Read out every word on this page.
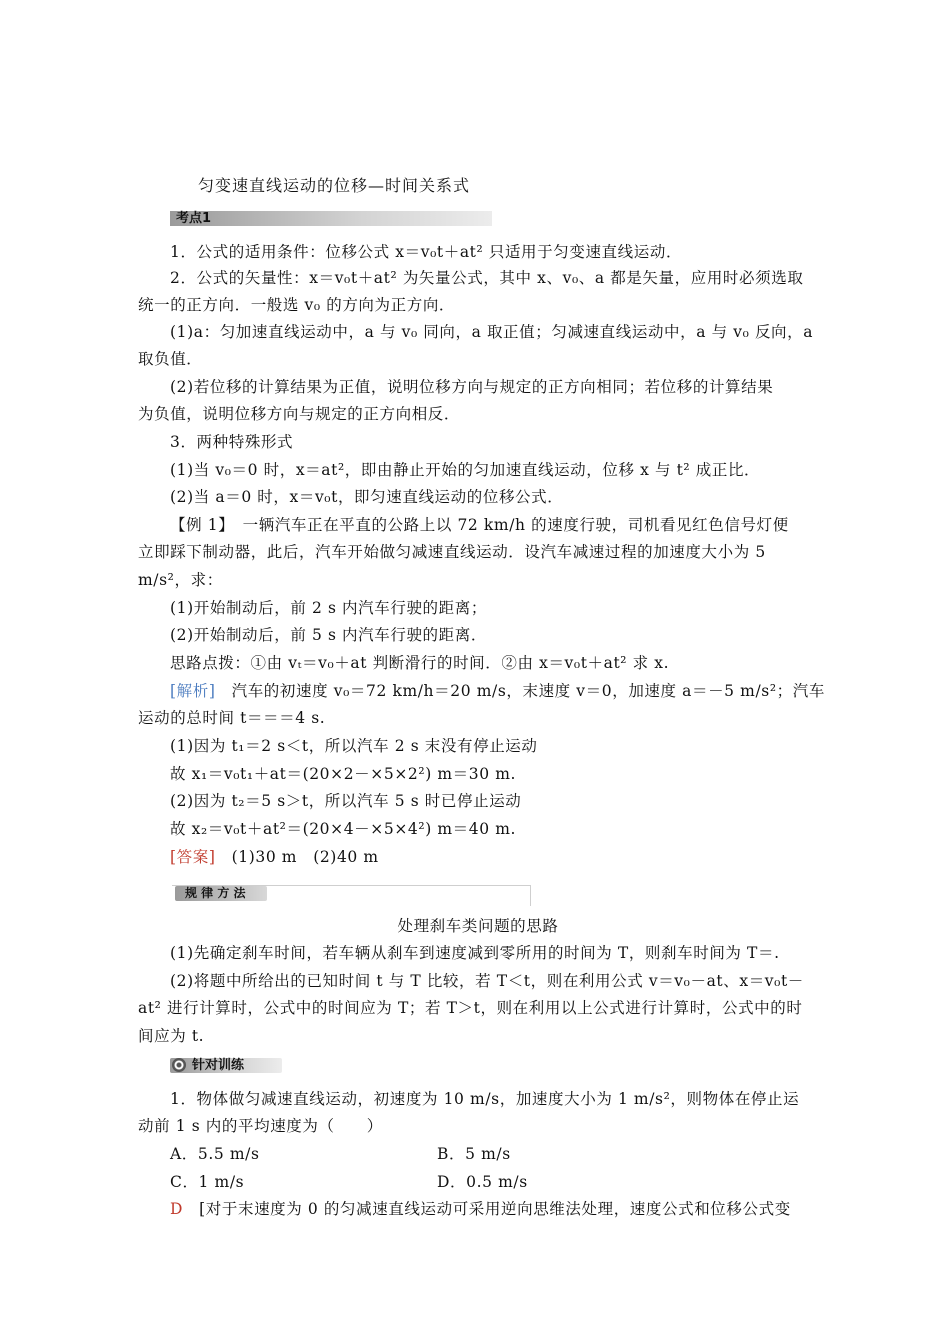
匀变速直线运动的位移—时间关系式
考点1
1．公式的适用条件：位移公式 x＝v₀t＋at² 只适用于匀变速直线运动．
2．公式的矢量性：x＝v₀t＋at² 为矢量公式，其中 x、v₀、a 都是矢量，应用时必须选取
统一的正方向．一般选 v₀ 的方向为正方向．
(1)a：匀加速直线运动中，a 与 v₀ 同向，a 取正值；匀减速直线运动中，a 与 v₀ 反向，a
取负值．
(2)若位移的计算结果为正值，说明位移方向与规定的正方向相同；若位移的计算结果
为负值，说明位移方向与规定的正方向相反．
3．两种特殊形式
(1)当 v₀＝0 时，x＝at²，即由静止开始的匀加速直线运动，位移 x 与 t² 成正比．
(2)当 a＝0 时，x＝v₀t，即匀速直线运动的位移公式．
【例 1】　一辆汽车正在平直的公路上以 72 km/h 的速度行驶，司机看见红色信号灯便
立即踩下制动器，此后，汽车开始做匀减速直线运动．设汽车减速过程的加速度大小为 5
m/s²，求：
(1)开始制动后，前 2 s 内汽车行驶的距离；
(2)开始制动后，前 5 s 内汽车行驶的距离．
思路点拨：①由 vₜ＝v₀＋at 判断滑行的时间．②由 x＝v₀t＋at² 求 x.
[解析]　汽车的初速度 v₀＝72 km/h＝20 m/s，末速度 v＝0，加速度 a＝－5 m/s²；汽车
运动的总时间 t＝＝＝4 s.
(1)因为 t₁＝2 s＜t，所以汽车 2 s 末没有停止运动
故 x₁＝v₀t₁＋at＝(20×2－×5×2²) m＝30 m.
(2)因为 t₂＝5 s＞t，所以汽车 5 s 时已停止运动
故 x₂＝v₀t＋at²＝(20×4－×5×4²) m＝40 m.
[答案]　(1)30 m　(2)40 m
规 律 方 法
处理刹车类问题的思路
(1)先确定刹车时间，若车辆从刹车到速度减到零所用的时间为 T，则刹车时间为 T＝.
(2)将题中所给出的已知时间 t 与 T 比较，若 T＜t，则在利用公式 v＝v₀－at、x＝v₀t－
at² 进行计算时，公式中的时间应为 T；若 T＞t，则在利用以上公式进行计算时，公式中的时
间应为 t.
针对训练
1．物体做匀减速直线运动，初速度为 10 m/s，加速度大小为 1 m/s²，则物体在停止运
动前 1 s 内的平均速度为（　　）
A．5.5 m/s	B．5 m/s
C．1 m/s	D．0.5 m/s
D　[对于末速度为 0 的匀减速直线运动可采用逆向思维法处理，速度公式和位移公式变
